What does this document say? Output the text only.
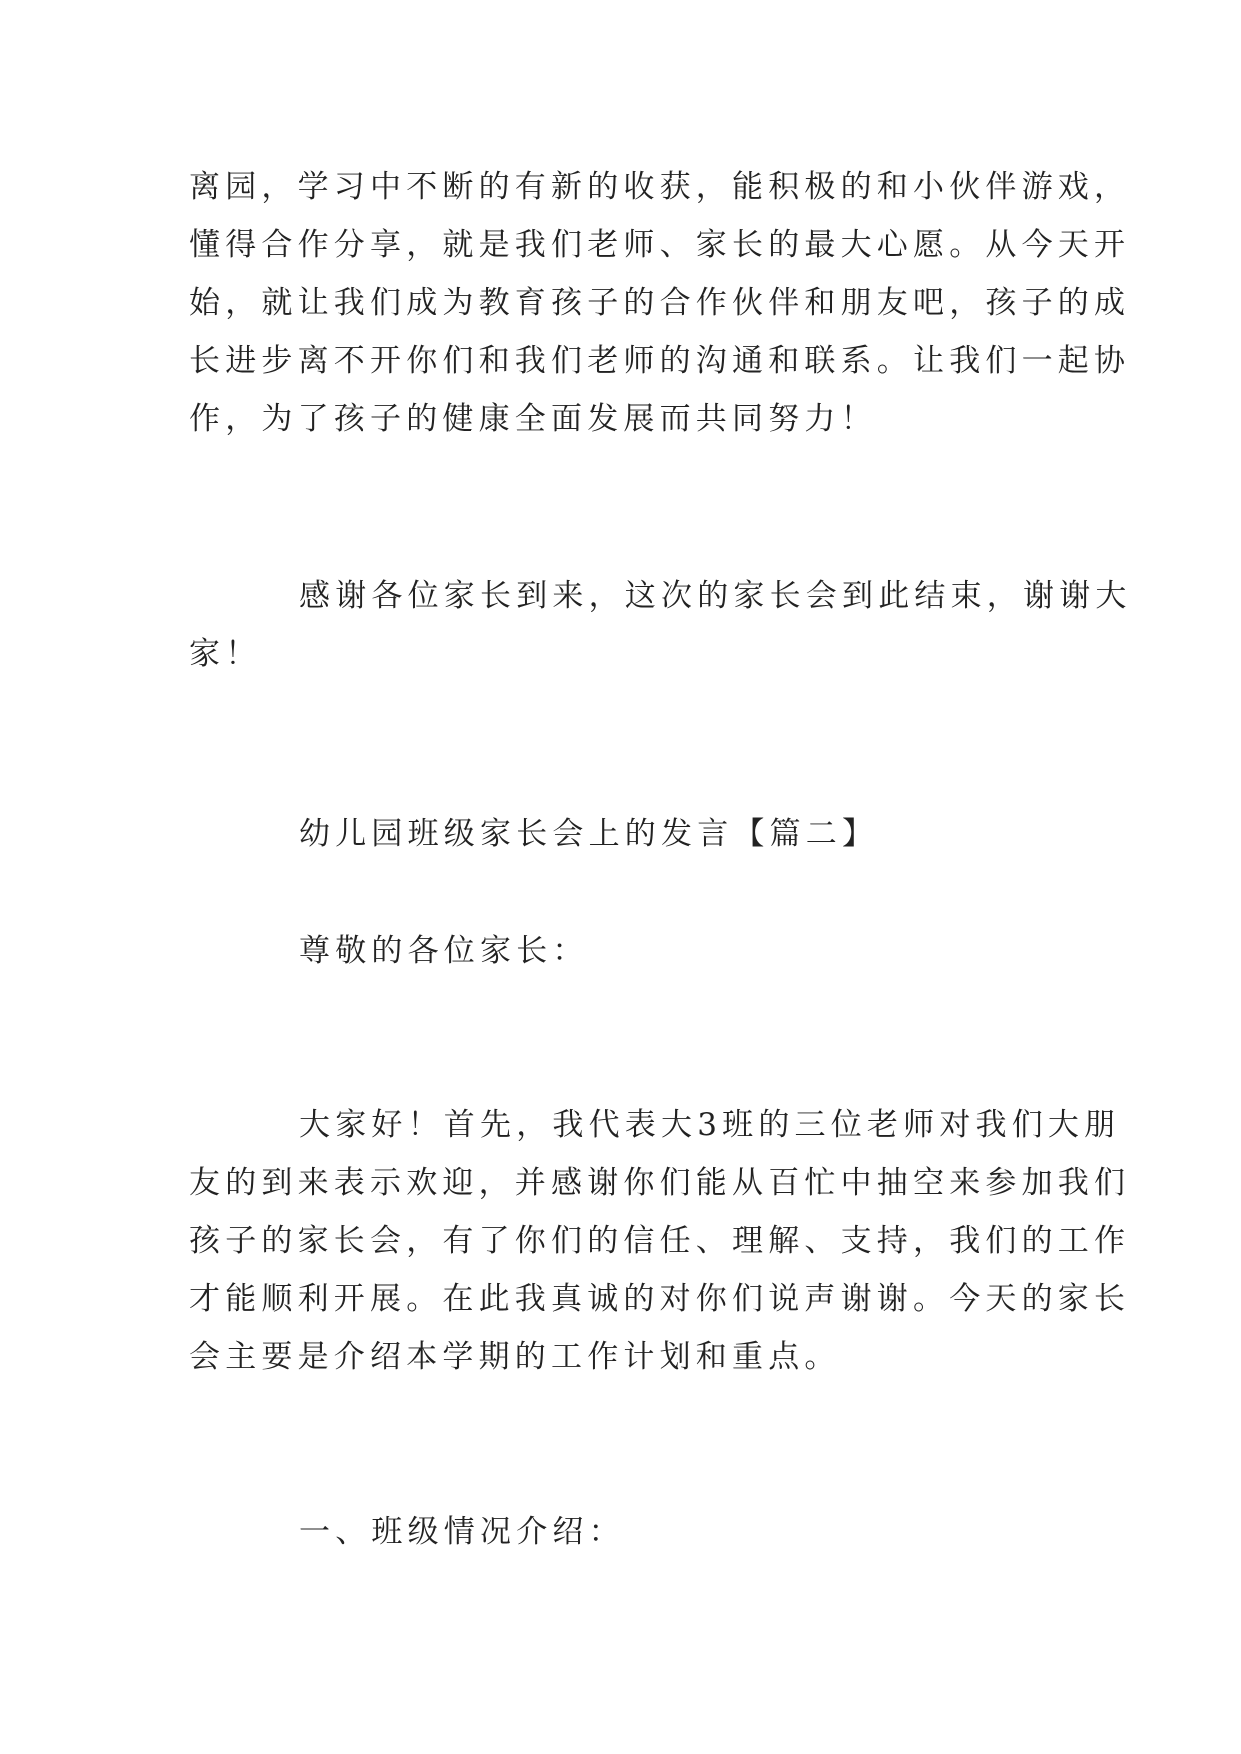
离园，学习中不断的有新的收获，能积极的和小伙伴游戏，
懂得合作分享，就是我们老师、家长的最大心愿。从今天开
始，就让我们成为教育孩子的合作伙伴和朋友吧，孩子的成
长进步离不开你们和我们老师的沟通和联系。让我们一起协
作，为了孩子的健康全面发展而共同努力！
感谢各位家长到来，这次的家长会到此结束，谢谢大
家！
幼儿园班级家长会上的发言【篇二】
尊敬的各位家长：
大家好！首先，我代表大3班的三位老师对我们大朋
友的到来表示欢迎，并感谢你们能从百忙中抽空来参加我们
孩子的家长会，有了你们的信任、理解、支持，我们的工作
才能顺利开展。在此我真诚的对你们说声谢谢。今天的家长
会主要是介绍本学期的工作计划和重点。
一、班级情况介绍：
